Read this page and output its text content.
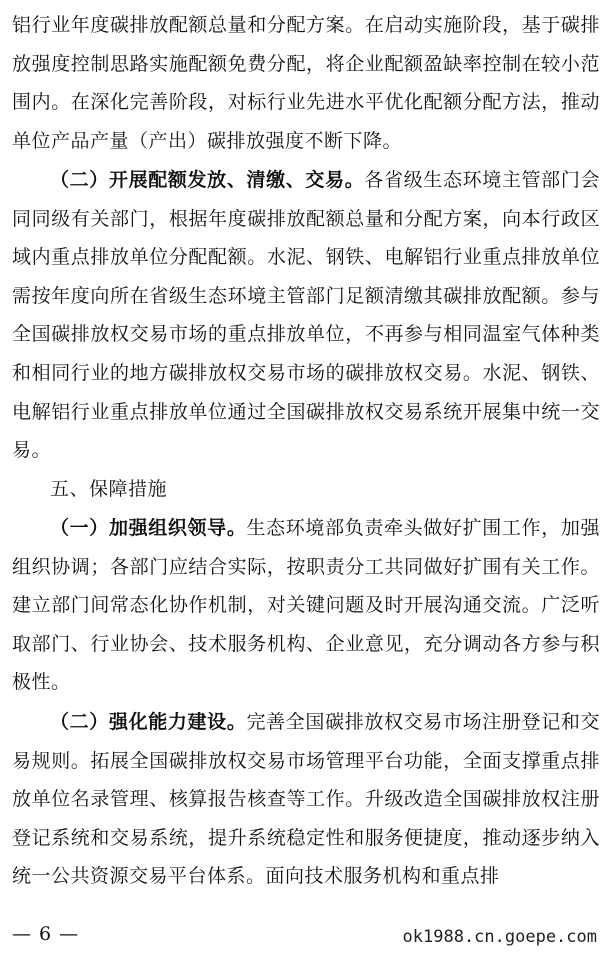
铝行业年度碳排放配额总量和分配方案。在启动实施阶段，基于碳排放强度控制思路实施配额免费分配，将企业配额盈缺率控制在较小范围内。在深化完善阶段，对标行业先进水平优化配额分配方法，推动单位产品产量（产出）碳排放强度不断下降。

（二）开展配额发放、清缴、交易。各省级生态环境主管部门会同同级有关部门，根据年度碳排放配额总量和分配方案，向本行政区域内重点排放单位分配配额。水泥、钢铁、电解铝行业重点排放单位需按年度向所在省级生态环境主管部门足额清缴其碳排放配额。参与全国碳排放权交易市场的重点排放单位，不再参与相同温室气体种类和相同行业的地方碳排放权交易市场的碳排放权交易。水泥、钢铁、电解铝行业重点排放单位通过全国碳排放权交易系统开展集中统一交易。

五、保障措施

（一）加强组织领导。生态环境部负责牵头做好扩围工作，加强组织协调；各部门应结合实际，按职责分工共同做好扩围有关工作。建立部门间常态化协作机制，对关键问题及时开展沟通交流。广泛听取部门、行业协会、技术服务机构、企业意见，充分调动各方参与积极性。

（二）强化能力建设。完善全国碳排放权交易市场注册登记和交易规则。拓展全国碳排放权交易市场管理平台功能，全面支撑重点排放单位名录管理、核算报告核查等工作。升级改造全国碳排放权注册登记系统和交易系统，提升系统稳定性和服务便捷度，推动逐步纳入统一公共资源交易平台体系。面向技术服务机构和重点排

— 6 —	ok1988.cn.goepe.com
